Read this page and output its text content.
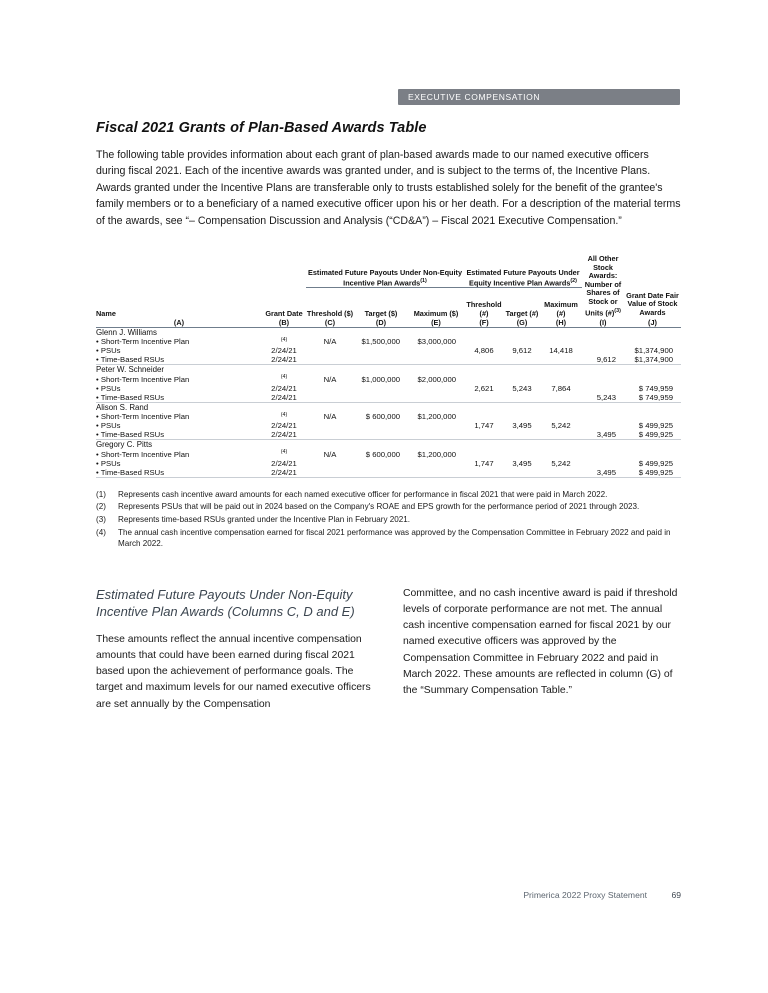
EXECUTIVE COMPENSATION
Fiscal 2021 Grants of Plan-Based Awards Table

The following table provides information about each grant of plan-based awards made to our named executive officers during fiscal 2021. Each of the incentive awards was granted under, and is subject to the terms of, the Incentive Plans. Awards granted under the Incentive Plans are transferable only to trusts established solely for the benefit of the grantee's family members or to a beneficiary of a named executive officer upon his or her death. For a description of the material terms of the awards, see “– Compensation Discussion and Analysis (“CD&A”) – Fiscal 2021 Executive Compensation.”

		Estimated Future Payouts Under Non-Equity Incentive Plan Awards$^{(1)}$			Estimated Future Payouts Under Equity Incentive Plan Awards$^{(2)}$			All Other Stock Awards: Number of Shares of Stock or Units (#)$^{(3)}$	Grant Date Fair Value of Stock Awards
Name	Grant Date	Threshold ($)	Target ($)	Maximum ($)	Threshold (#)	Target (#)	Maximum (#)		
(A)	(B)	(C)	(D)	(E)	(F)	(G)	(H)	(I)	(J)
Glenn J. Williams									
• Short-Term Incentive Plan	$^{(4)}$	N/A	$1,500,000	$3,000,000					
• PSUs	2/24/21				4,806	9,612	14,418		$1,374,900
• Time-Based RSUs	2/24/21							9,612	$1,374,900
Peter W. Schneider									
• Short-Term Incentive Plan	$^{(4)}$	N/A	$1,000,000	$2,000,000					
• PSUs	2/24/21				2,621	5,243	7,864		$ 749,959
• Time-Based RSUs	2/24/21							5,243	$ 749,959
Alison S. Rand									
• Short-Term Incentive Plan	$^{(4)}$	N/A	$ 600,000	$1,200,000					
• PSUs	2/24/21				1,747	3,495	5,242		$ 499,925
• Time-Based RSUs	2/24/21							3,495	$ 499,925
Gregory C. Pitts									
• Short-Term Incentive Plan	$^{(4)}$	N/A	$ 600,000	$1,200,000					
• PSUs	2/24/21				1,747	3,495	5,242		$ 499,925
• Time-Based RSUs	2/24/21							3,495	$ 499,925
(1)	Represents cash incentive award amounts for each named executive officer for performance in fiscal 2021 that were paid in March 2022.
(2)	Represents PSUs that will be paid out in 2024 based on the Company's ROAE and EPS growth for the performance period of 2021 through 2023.
(3)	Represents time-based RSUs granted under the Incentive Plan in February 2021.
(4)	The annual cash incentive compensation earned for fiscal 2021 performance was approved by the Compensation Committee in February 2022 and paid in March 2022.
Estimated Future Payouts Under Non-Equity Incentive Plan Awards (Columns C, D and E)

These amounts reflect the annual incentive compensation amounts that could have been earned during fiscal 2021 based upon the achievement of performance goals. The target and maximum levels for our named executive officers are set annually by the Compensation

Committee, and no cash incentive award is paid if threshold levels of corporate performance are not met. The annual cash incentive compensation earned for fiscal 2021 by our named executive officers was approved by the Compensation Committee in February 2022 and paid in March 2022. These amounts are reflected in column (G) of the “Summary Compensation Table.”

Primerica 2022 Proxy Statement	69
